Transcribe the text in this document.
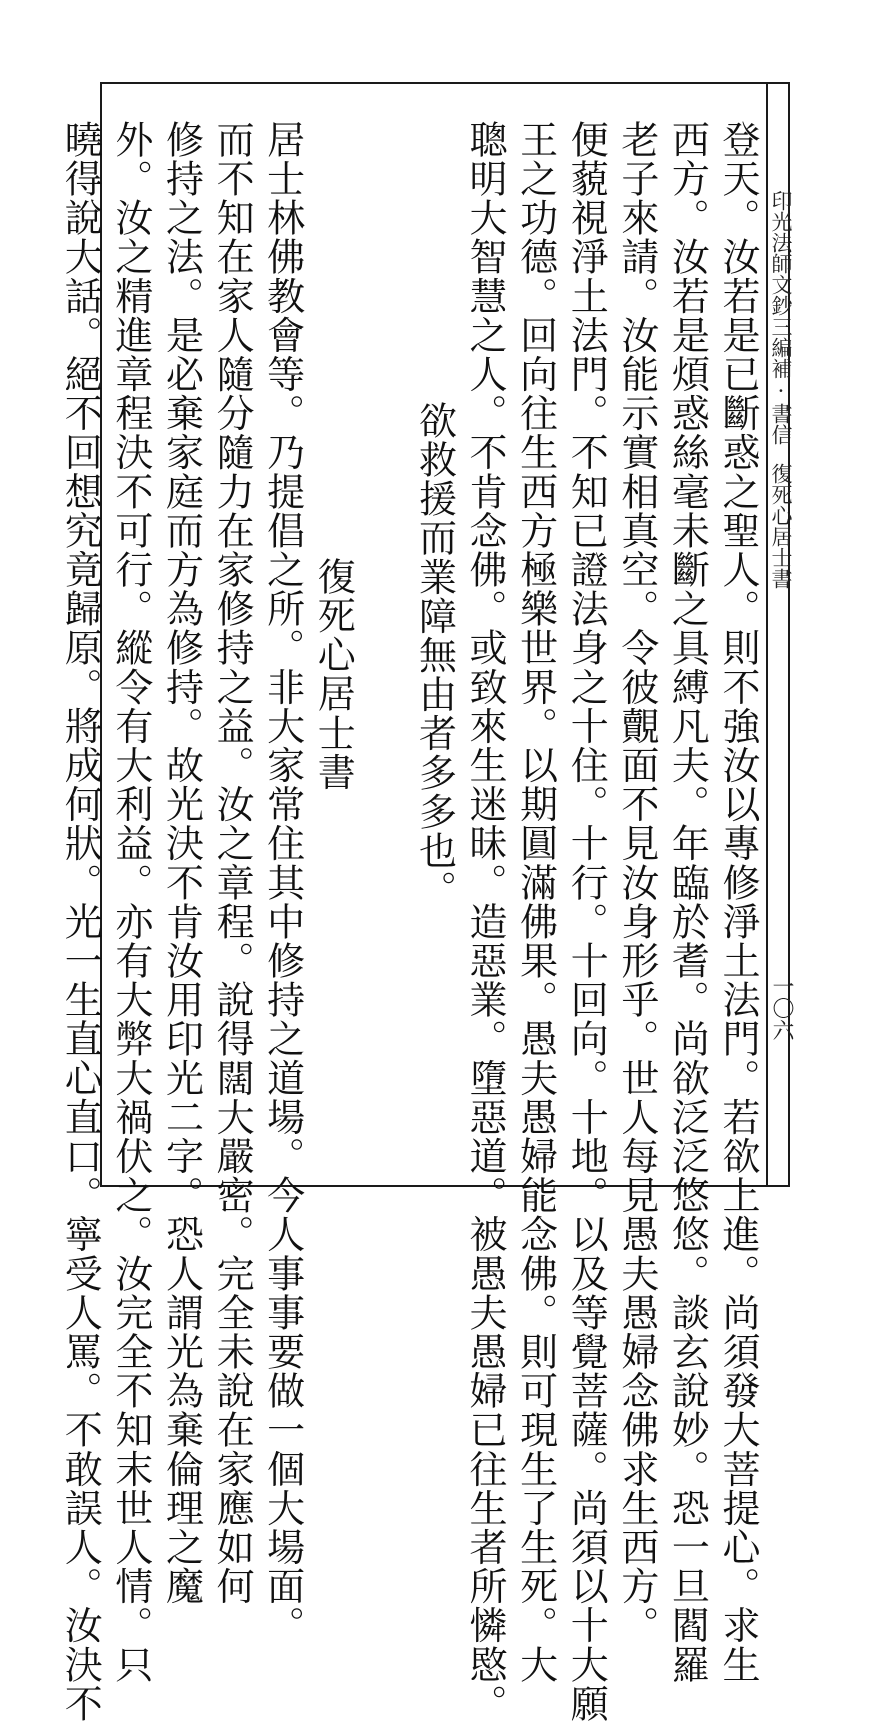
印光法師文鈔三編補·書信復死心居士書
一〇六
登天。汝若是已斷惑之聖人。則不強汝以專修淨土法門。若欲上進。尚須發大菩提心。求生
西方。汝若是煩惑絲毫未斷之具縛凡夫。年臨於耆。尚欲泛泛悠悠。談玄說妙。恐一旦閻羅
老子來請。汝能示實相真空。令彼覿面不見汝身形乎。世人每見愚夫愚婦念佛求生西方。
便藐視淨土法門。不知已證法身之十住。十行。十回向。十地。以及等覺菩薩。尚須以十大願
王之功德。回向往生西方極樂世界。以期圓滿佛果。愚夫愚婦能念佛。則可現生了生死。大
聰明大智慧之人。不肯念佛。或致來生迷昧。造惡業。墮惡道。被愚夫愚婦已往生者所憐愍。
欲救援而業障無由者多多也。
復死心居士書
居士林佛教會等。乃提倡之所。非大家常住其中修持之道場。今人事事要做一個大場面。
而不知在家人隨分隨力在家修持之益。汝之章程。說得闊大嚴密。完全未說在家應如何
修持之法。是必棄家庭而方為修持。故光決不肯汝用印光二字。恐人謂光為棄倫理之魔
外。汝之精進章程決不可行。縱令有大利益。亦有大弊大禍伏之。汝完全不知末世人情。只
曉得說大話。絕不回想究竟歸原。將成何狀。光一生直心直口。寧受人罵。不敢誤人。汝決不
